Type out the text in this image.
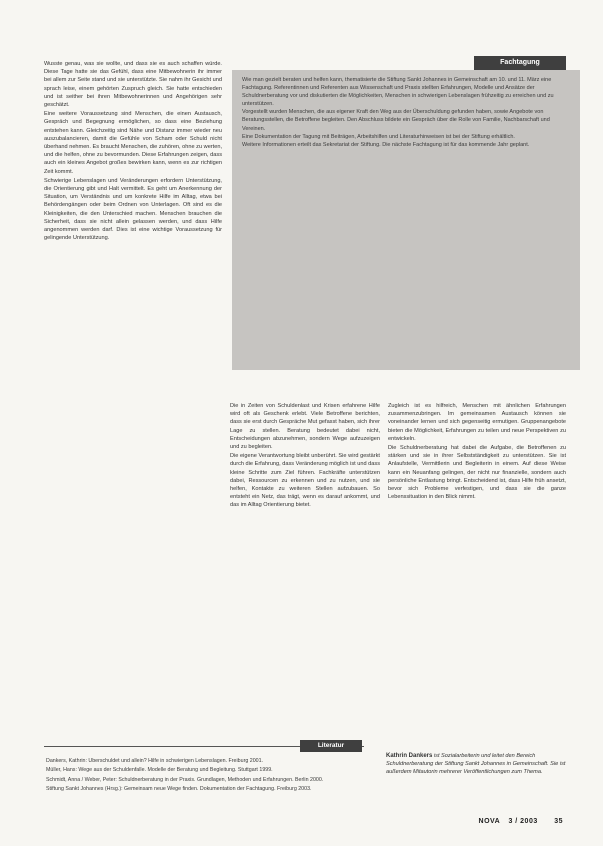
Fachtagung

Wie man gezielt beraten und helfen kann, thematisierte die Stiftung Sankt Johannes in Gemeinschaft am 10. und 11. März eine Fachtagung. Referentinnen und Referenten aus Wissenschaft und Praxis stellten Erfahrungen, Modelle und Ansätze der Schuldnerberatung vor und diskutierten die Möglichkeiten, Menschen in schwierigen Lebenslagen frühzeitig zu erreichen und zu unterstützen.

Vorgestellt wurden Menschen, die aus eigener Kraft den Weg aus der Überschuldung gefunden haben, sowie Angebote von Beratungsstellen, die Betroffene begleiten. Den Abschluss bildete ein Gespräch über die Rolle von Familie, Nachbarschaft und Vereinen.

Eine Dokumentation der Tagung mit Beiträgen, Arbeitshilfen und Literaturhinweisen ist bei der Stiftung erhältlich.

Weitere Informationen erteilt das Sekretariat der Stiftung. Die nächste Fachtagung ist für das kommende Jahr geplant.

Wusste genau, was sie wollte, und dass sie es auch schaffen würde. Diese Tage hatte sie das Gefühl, dass eine Mitbewohnerin ihr immer bei allem zur Seite stand und sie unterstützte. Sie nahm ihr Gesicht und sprach leise, einem gehörten Zuspruch gleich. Sie hatte entschieden und ist seither bei ihren Mitbewohnerinnen und Angehörigen sehr geschätzt.

Eine weitere Voraussetzung sind Menschen, die einen Austausch, Gespräch und Begegnung ermöglichen, so dass eine Beziehung entstehen kann. Gleichzeitig sind Nähe und Distanz immer wieder neu auszubalancieren, damit die Gefühle von Scham oder Schuld nicht überhand nehmen. Es braucht Menschen, die zuhören, ohne zu werten, und die helfen, ohne zu bevormunden. Diese Erfahrungen zeigen, dass auch ein kleines Angebot großes bewirken kann, wenn es zur richtigen Zeit kommt.

Schwierige Lebenslagen und Veränderungen erfordern Unterstützung, die Orientierung gibt und Halt vermittelt. Es geht um Anerkennung der Situation, um Verständnis und um konkrete Hilfe im Alltag, etwa bei Behördengängen oder beim Ordnen von Unterlagen. Oft sind es die Kleinigkeiten, die den Unterschied machen. Menschen brauchen die Sicherheit, dass sie nicht allein gelassen werden, und dass Hilfe angenommen werden darf. Dies ist eine wichtige Voraussetzung für gelingende Unterstützung.

Die in Zeiten von Schuldenlast und Krisen erfahrene Hilfe wird oft als Geschenk erlebt. Viele Betroffene berichten, dass sie erst durch Gespräche Mut gefasst haben, sich ihrer Lage zu stellen. Beratung bedeutet dabei nicht, Entscheidungen abzunehmen, sondern Wege aufzuzeigen und zu begleiten.

Die eigene Verantwortung bleibt unberührt. Sie wird gestärkt durch die Erfahrung, dass Veränderung möglich ist und dass kleine Schritte zum Ziel führen. Fachkräfte unterstützen dabei, Ressourcen zu erkennen und zu nutzen, und sie helfen, Kontakte zu weiteren Stellen aufzubauen. So entsteht ein Netz, das trägt, wenn es darauf ankommt, und das im Alltag Orientierung bietet.

Zugleich ist es hilfreich, Menschen mit ähnlichen Erfahrungen zusammenzubringen. Im gemeinsamen Austausch können sie voneinander lernen und sich gegenseitig ermutigen. Gruppenangebote bieten die Möglichkeit, Erfahrungen zu teilen und neue Perspektiven zu entwickeln.

Die Schuldnerberatung hat dabei die Aufgabe, die Betroffenen zu stärken und sie in ihrer Selbstständigkeit zu unterstützen. Sie ist Anlaufstelle, Vermittlerin und Begleiterin in einem. Auf diese Weise kann ein Neuanfang gelingen, der nicht nur finanzielle, sondern auch persönliche Entlastung bringt. Entscheidend ist, dass Hilfe früh ansetzt, bevor sich Probleme verfestigen, und dass sie die ganze Lebenssituation in den Blick nimmt.

Literatur

Dankers, Kathrin: Überschuldet und allein? Hilfe in schwierigen Lebenslagen. Freiburg 2001.

Müller, Hans: Wege aus der Schuldenfalle. Modelle der Beratung und Begleitung. Stuttgart 1999.

Schmidt, Anna / Weber, Peter: Schuldnerberatung in der Praxis. Grundlagen, Methoden und Erfahrungen. Berlin 2000.

Stiftung Sankt Johannes (Hrsg.): Gemeinsam neue Wege finden. Dokumentation der Fachtagung. Freiburg 2003.

Kathrin Dankers ist Sozialarbeiterin und leitet den Bereich Schuldnerberatung der Stiftung Sankt Johannes in Gemeinschaft. Sie ist außerdem Mitautorin mehrerer Veröffentlichungen zum Thema.

NOVA 3 / 2003 35
